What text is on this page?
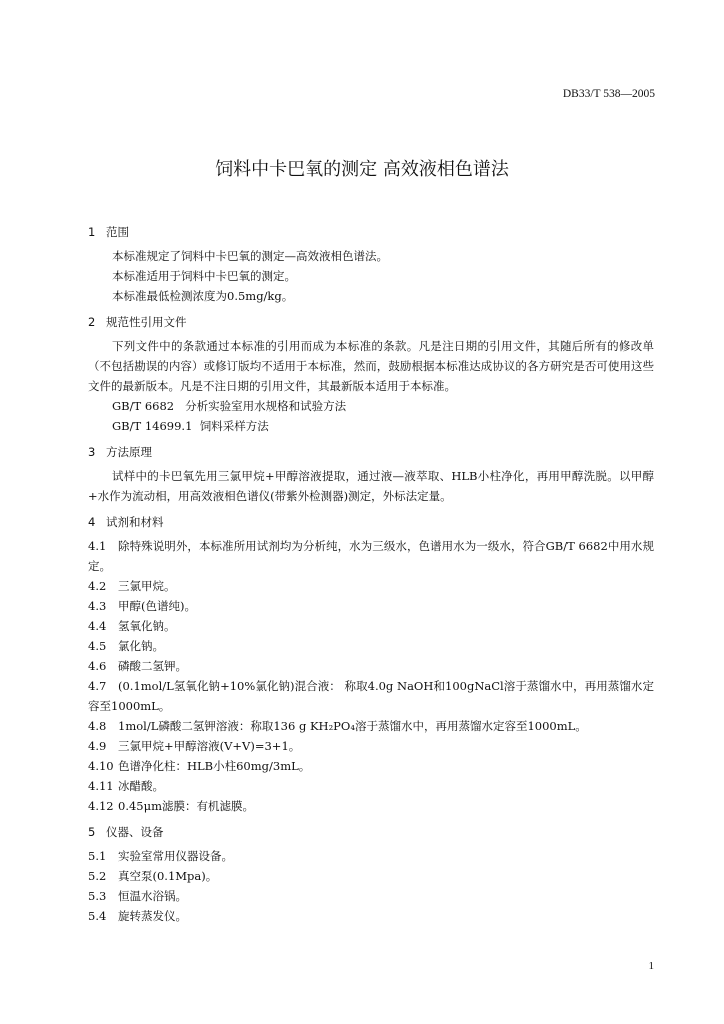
DB33/T 538—2005
饲料中卡巴氧的测定 高效液相色谱法
1 范围
本标准规定了饲料中卡巴氧的测定—高效液相色谱法。
本标准适用于饲料中卡巴氧的测定。
本标准最低检测浓度为0.5mg/kg。
2 规范性引用文件
下列文件中的条款通过本标准的引用而成为本标准的条款。凡是注日期的引用文件，其随后所有的修改单（不包括勘误的内容）或修订版均不适用于本标准，然而，鼓励根据本标准达成协议的各方研究是否可使用这些文件的最新版本。凡是不注日期的引用文件，其最新版本适用于本标准。
GB/T 6682   分析实验室用水规格和试验方法
GB/T 14699.1  饲料采样方法
3 方法原理
试样中的卡巴氧先用三氯甲烷+甲醇溶液提取，通过液—液萃取、HLB小柱净化，再用甲醇洗脱。以甲醇+水作为流动相，用高效液相色谱仪(带紫外检测器)测定，外标法定量。
4 试剂和材料
4.1 除特殊说明外，本标准所用试剂均为分析纯，水为三级水，色谱用水为一级水，符合GB/T 6682中用水规定。
4.2 三氯甲烷。
4.3 甲醇(色谱纯)。
4.4 氢氧化钠。
4.5 氯化钠。
4.6 磷酸二氢钾。
4.7 (0.1mol/L氢氧化钠+10%氯化钠)混合液： 称取4.0g NaOH和100gNaCl溶于蒸馏水中，再用蒸馏水定容至1000mL。
4.8 1mol/L磷酸二氢钾溶液：称取136 g KH₂PO₄溶于蒸馏水中，再用蒸馏水定容至1000mL。
4.9 三氯甲烷+甲醇溶液(V+V)=3+1。
4.10 色谱净化柱：HLB小柱60mg/3mL。
4.11 冰醋酸。
4.12 0.45μm滤膜：有机滤膜。
5 仪器、设备
5.1 实验室常用仪器设备。
5.2 真空泵(0.1Mpa)。
5.3 恒温水浴锅。
5.4 旋转蒸发仪。
1
